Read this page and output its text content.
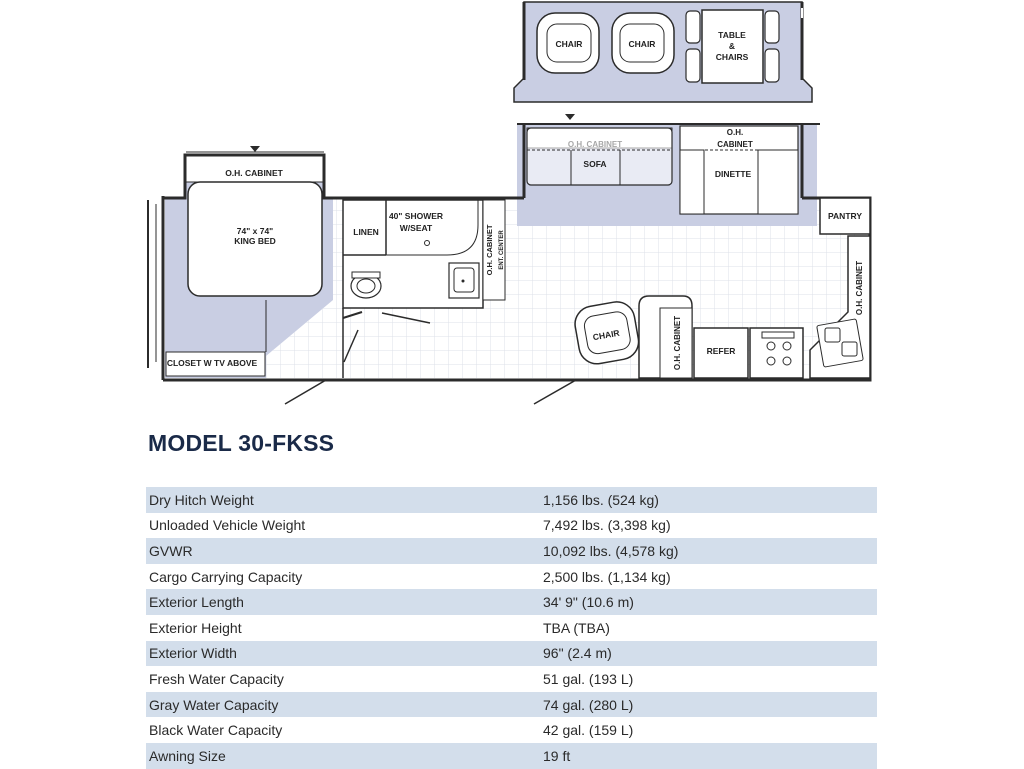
CHAIR	CHAIR
TABLE
&
CHAIRS
O.H. CABINET
74" x 74"
KING BED
CLOSET W TV ABOVE
SOFA
O.H.
CABINET
DINETTE
LINEN
40" SHOWER
W/SEAT	O.H. CABINET ENT. CENTER
CHAIR	O.H. CABINET	REFER
O.H. CABINET
PANTRY
MODEL 30-FKSS
Dry Hitch Weight	1,156 lbs. (524 kg)
Unloaded Vehicle Weight	7,492 lbs. (3,398 kg)
GVWR	10,092 lbs. (4,578 kg)
Cargo Carrying Capacity	2,500 lbs. (1,134 kg)
Exterior Length	34' 9" (10.6 m)
Exterior Height	TBA (TBA)
Exterior Width	96" (2.4 m)
Fresh Water Capacity	51 gal. (193 L)
Gray Water Capacity	74 gal. (280 L)
Black Water Capacity	42 gal. (159 L)
Awning Size	19 ft
